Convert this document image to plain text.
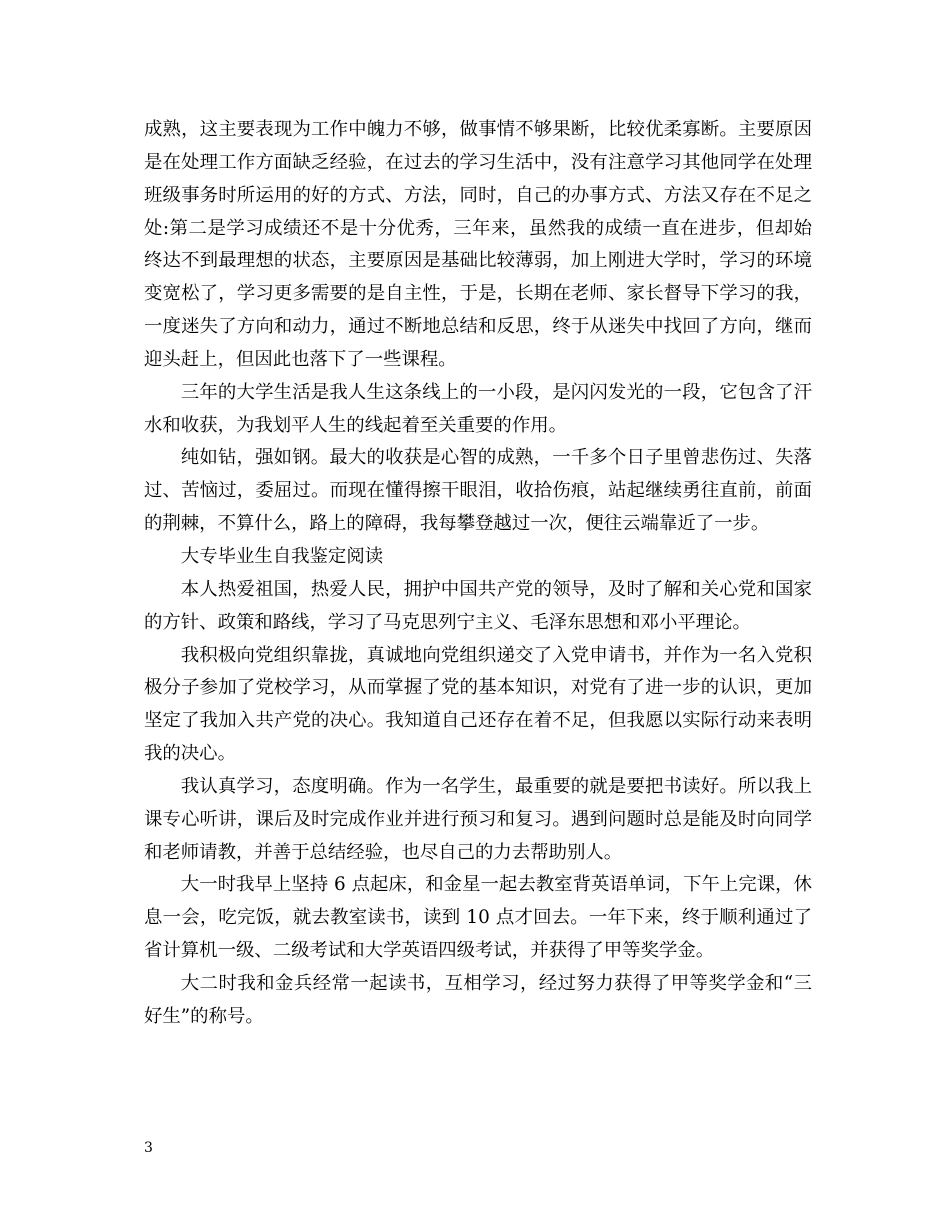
成熟，这主要表现为工作中魄力不够，做事情不够果断，比较优柔寡断。主要原因是在处理工作方面缺乏经验，在过去的学习生活中，没有注意学习其他同学在处理班级事务时所运用的好的方式、方法，同时，自己的办事方式、方法又存在不足之处:第二是学习成绩还不是十分优秀，三年来，虽然我的成绩一直在进步，但却始终达不到最理想的状态，主要原因是基础比较薄弱，加上刚进大学时，学习的环境变宽松了，学习更多需要的是自主性，于是，长期在老师、家长督导下学习的我，一度迷失了方向和动力，通过不断地总结和反思，终于从迷失中找回了方向，继而迎头赶上，但因此也落下了一些课程。

三年的大学生活是我人生这条线上的一小段，是闪闪发光的一段，它包含了汗水和收获，为我划平人生的线起着至关重要的作用。

纯如钻，强如钢。最大的收获是心智的成熟，一千多个日子里曾悲伤过、失落过、苦恼过，委屈过。而现在懂得擦干眼泪，收拾伤痕，站起继续勇往直前，前面的荆棘，不算什么，路上的障碍，我每攀登越过一次，便往云端靠近了一步。

大专毕业生自我鉴定阅读

本人热爱祖国，热爱人民，拥护中国共产党的领导，及时了解和关心党和国家的方针、政策和路线，学习了马克思列宁主义、毛泽东思想和邓小平理论。

我积极向党组织靠拢，真诚地向党组织递交了入党申请书，并作为一名入党积极分子参加了党校学习，从而掌握了党的基本知识，对党有了进一步的认识，更加坚定了我加入共产党的决心。我知道自己还存在着不足，但我愿以实际行动来表明我的决心。

我认真学习，态度明确。作为一名学生，最重要的就是要把书读好。所以我上课专心听讲，课后及时完成作业并进行预习和复习。遇到问题时总是能及时向同学和老师请教，并善于总结经验，也尽自己的力去帮助别人。

大一时我早上坚持 6 点起床，和金星一起去教室背英语单词，下午上完课，休息一会，吃完饭，就去教室读书，读到 10 点才回去。一年下来，终于顺利通过了省计算机一级、二级考试和大学英语四级考试，并获得了甲等奖学金。

大二时我和金兵经常一起读书，互相学习，经过努力获得了甲等奖学金和“三好生”的称号。

3
